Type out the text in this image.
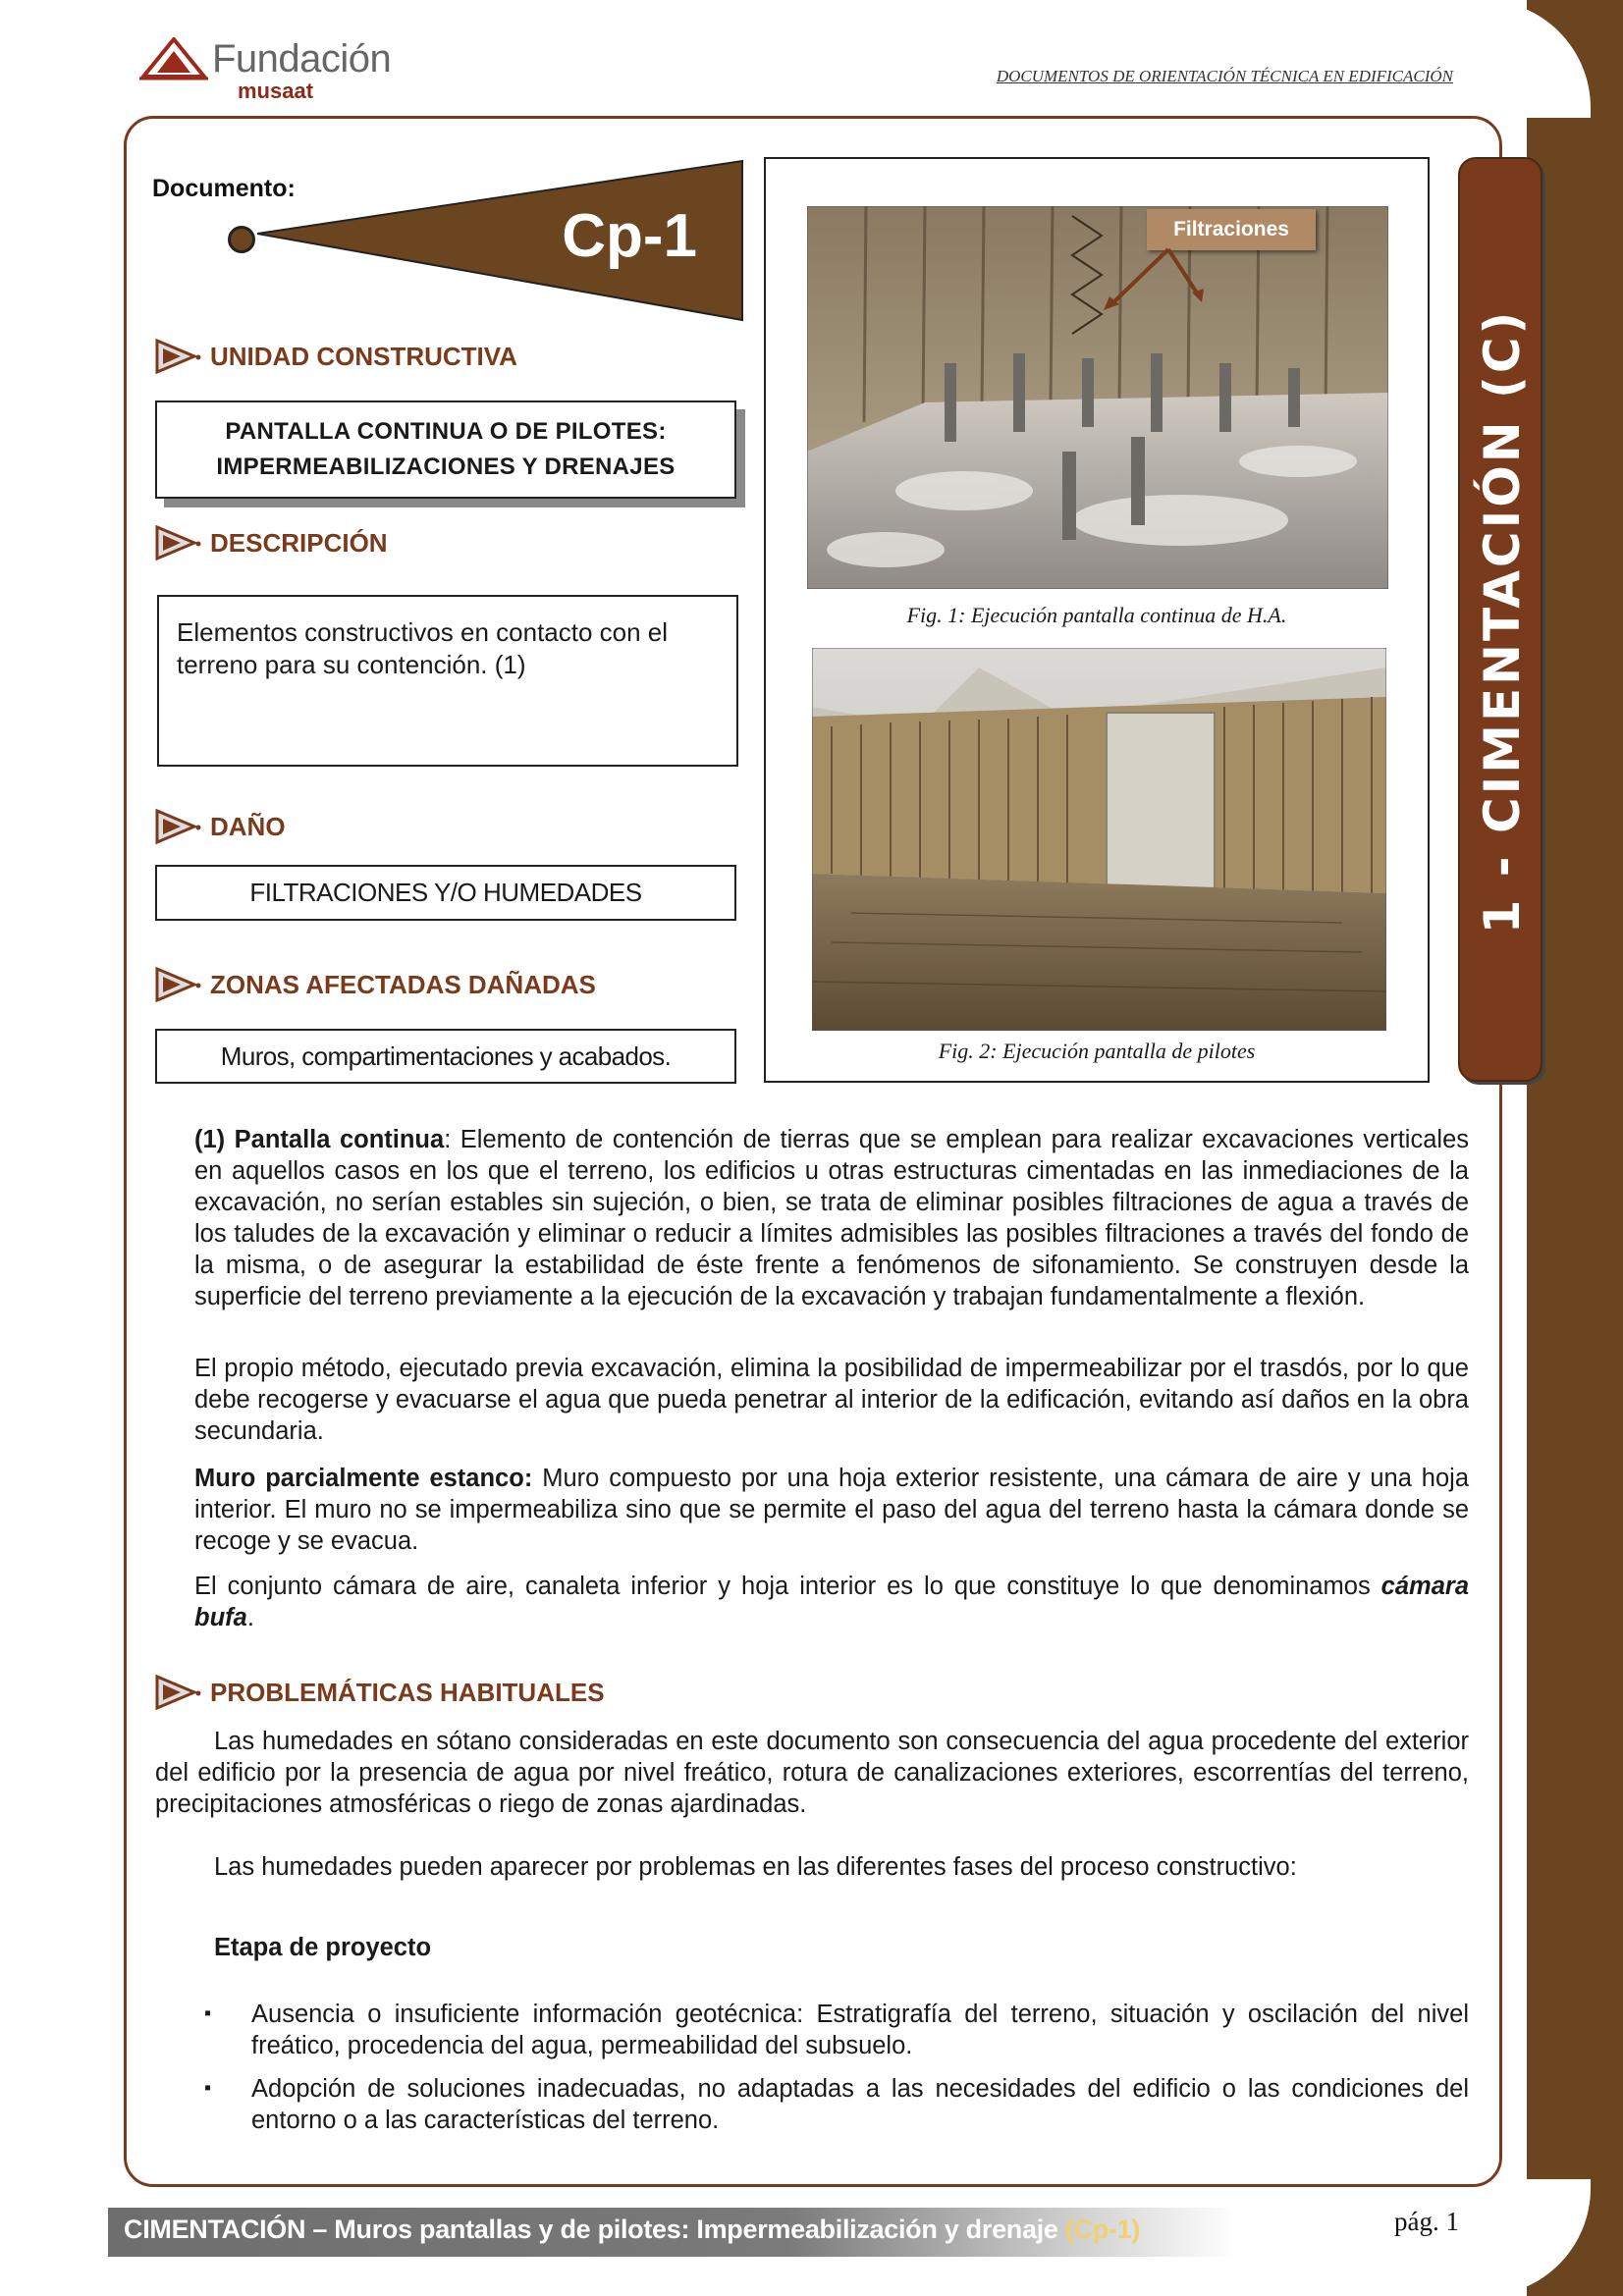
Fundación
musaat
DOCUMENTOS DE ORIENTACIÓN TÉCNICA EN EDIFICACIÓN
Documento:
Cp-1
UNIDAD CONSTRUCTIVA
PANTALLA CONTINUA O DE PILOTES:
IMPERMEABILIZACIONES Y DRENAJES
DESCRIPCIÓN
Elementos constructivos en contacto con el terreno para su contención. (1)
DAÑO
FILTRACIONES Y/O HUMEDADES
ZONAS AFECTADAS DAÑADAS
Muros, compartimentaciones y acabados.
Filtraciones
Fig. 1: Ejecución pantalla continua de H.A.
Fig. 2: Ejecución pantalla de pilotes
1 - CIMENTACIÓN (C)
(1) Pantalla continua: Elemento de contención de tierras que se emplean para realizar excavaciones verticales en aquellos casos en los que el terreno, los edificios u otras estructuras cimentadas en las inmediaciones de la excavación, no serían estables sin sujeción, o bien, se trata de eliminar posibles filtraciones de agua a través de los taludes de la excavación y eliminar o reducir a límites admisibles las posibles filtraciones a través del fondo de la misma, o de asegurar la estabilidad de éste frente a fenómenos de sifonamiento. Se construyen desde la superficie del terreno previamente a la ejecución de la excavación y trabajan fundamentalmente a flexión.
El propio método, ejecutado previa excavación, elimina la posibilidad de impermeabilizar por el trasdós, por lo que debe recogerse y evacuarse el agua que pueda penetrar al interior de la edificación, evitando así daños en la obra secundaria.
Muro parcialmente estanco: Muro compuesto por una hoja exterior resistente, una cámara de aire y una hoja interior. El muro no se impermeabiliza sino que se permite el paso del agua del terreno hasta la cámara donde se recoge y se evacua.
El conjunto cámara de aire, canaleta inferior y hoja interior es lo que constituye lo que denominamos cámara bufa.
PROBLEMÁTICAS HABITUALES
Las humedades en sótano consideradas en este documento son consecuencia del agua procedente del exterior del edificio por la presencia de agua por nivel freático, rotura de canalizaciones exteriores, escorrentías del terreno, precipitaciones atmosféricas o riego de zonas ajardinadas.
Las humedades pueden aparecer por problemas en las diferentes fases del proceso constructivo:
Etapa de proyecto
▪	Ausencia o insuficiente información geotécnica: Estratigrafía del terreno, situación y oscilación del nivel freático, procedencia del agua, permeabilidad del subsuelo.
▪	Adopción de soluciones inadecuadas, no adaptadas a las necesidades del edificio o las condiciones del entorno o a las características del terreno.
CIMENTACIÓN – Muros pantallas y de pilotes: Impermeabilización y drenaje (Cp-1)	pág. 1
